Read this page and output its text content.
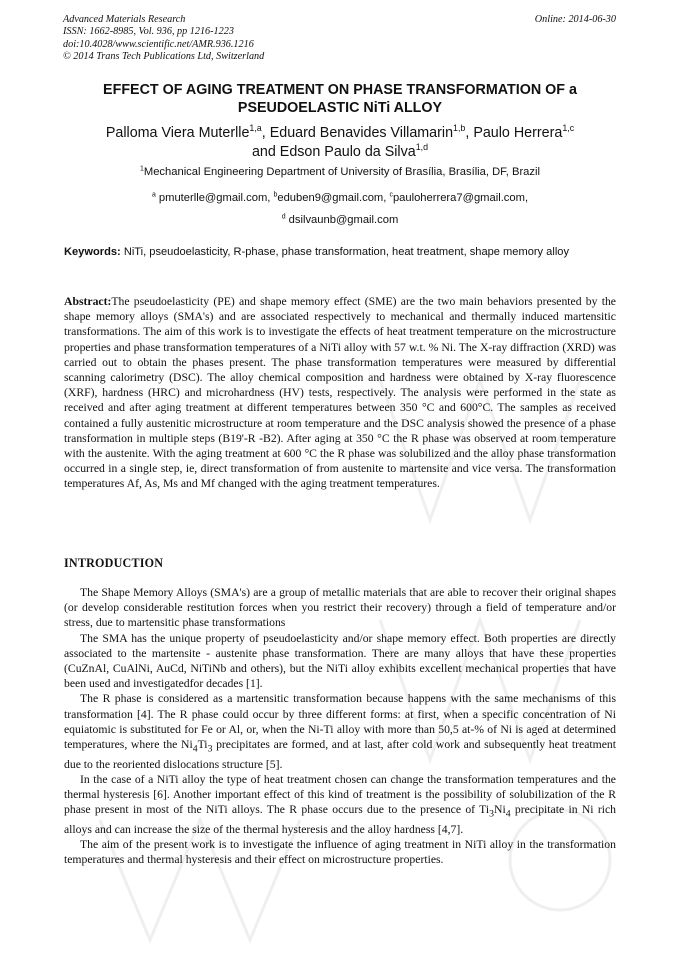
Advanced Materials Research
ISSN: 1662-8985, Vol. 936, pp 1216-1223
doi:10.4028/www.scientific.net/AMR.936.1216
© 2014 Trans Tech Publications Ltd, Switzerland
Online: 2014-06-30
EFFECT OF AGING TREATMENT ON PHASE TRANSFORMATION OF a
PSEUDOELASTIC NiTi ALLOY
Palloma Viera Muterlle$^{1,a}$, Eduard Benavides Villamarin$^{1,b}$, Paulo Herrera$^{1,c}$
and Edson Paulo da Silva$^{1,d}$
$^1$Mechanical Engineering Department of University of Brasília, Brasília, DF, Brazil
$^a$ pmuterlle@gmail.com, $^b$eduben9@gmail.com, $^c$pauloherrera7@gmail.com,
$^d$ dsilvaunb@gmail.com
Keywords: NiTi, pseudoelasticity, R-phase, phase transformation, heat treatment, shape memory alloy
Abstract:The pseudoelasticity (PE) and shape memory effect (SME) are the two main behaviors presented by the shape memory alloys (SMA's) and are associated respectively to mechanical and thermally induced martensitic transformations. The aim of this work is to investigate the effects of heat treatment temperature on the microstructure properties and phase transformation temperatures of a NiTi alloy with 57 w.t. % Ni. The X-ray diffraction (XRD) was carried out to obtain the phases present. The phase transformation temperatures were measured by differential scanning calorimetry (DSC). The alloy chemical composition and hardness were obtained by X-ray fluorescence (XRF), hardness (HRC) and microhardness (HV) tests, respectively. The analysis were performed in the state as received and after aging treatment at different temperatures between 350 °C and 600°C. The samples as received contained a fully austenitic microstructure at room temperature and the DSC analysis showed the presence of a phase transformation in multiple steps (B19'-R -B2). After aging at 350 °C the R phase was observed at room temperature with the austenite. With the aging treatment at 600 °C the R phase was solubilized and the alloy phase transformation occurred in a single step, ie, direct transformation of from austenite to martensite and vice versa. The transformation temperatures Af, As, Ms and Mf changed with the aging treatment temperatures.
INTRODUCTION

The Shape Memory Alloys (SMA's) are a group of metallic materials that are able to recover their original shapes (or develop considerable restitution forces when you restrict their recovery) through a field of temperature and/or stress, due to martensitic phase transformations

The SMA has the unique property of pseudoelasticity and/or shape memory effect. Both properties are directly associated to the martensite - austenite phase transformation. There are many alloys that have these properties (CuZnAl, CuAlNi, AuCd, NiTiNb and others), but the NiTi alloy exhibits excellent mechanical properties that have been used and investigatedfor decades [1].

The R phase is considered as a martensitic transformation because happens with the same mechanisms of this transformation [4]. The R phase could occur by three different forms: at first, when a specific concentration of Ni equiatomic is substituted for Fe or Al, or, when the Ni-Ti alloy with more than 50,5 at-% of Ni is aged at determined temperatures, where the $Ni_4Ti_3$ precipitates are formed, and at last, after cold work and subsequently heat treatment due to the reoriented dislocations structure [5].

In the case of a NiTi alloy the type of heat treatment chosen can change the transformation temperatures and the thermal hysteresis [6]. Another important effect of this kind of treatment is the possibility of solubilization of the R phase present in most of the NiTi alloys. The R phase occurs due to the presence of $Ti_3Ni_4$ precipitate in Ni rich alloys and can increase the size of the thermal hysteresis and the alloy hardness [4,7].

The aim of the present work is to investigate the influence of aging treatment in NiTi alloy in the transformation temperatures and thermal hysteresis and their effect on microstructure properties.
